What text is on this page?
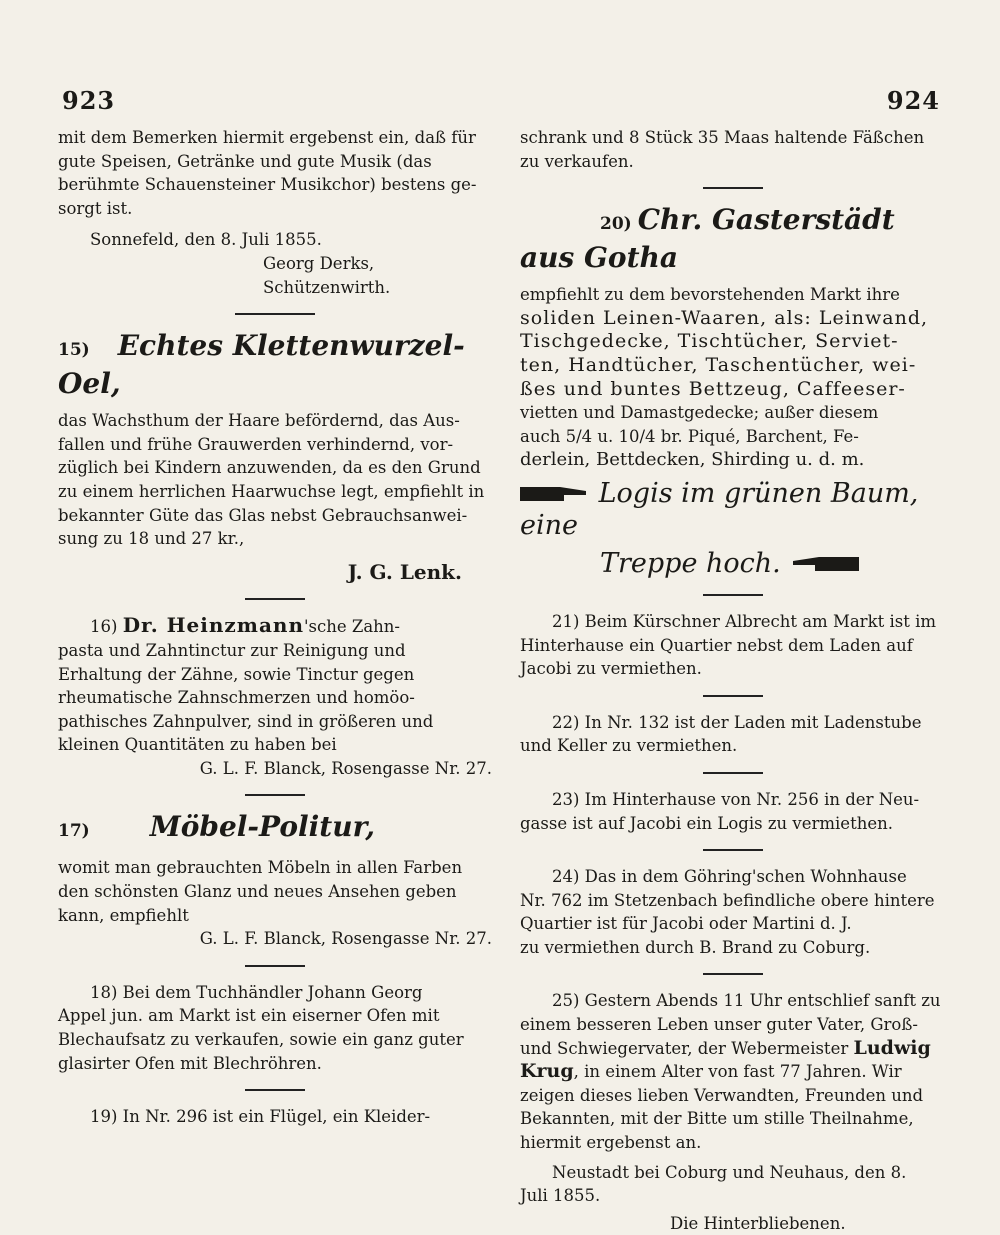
923	924

mit dem Bemerken hiermit ergebenst ein, daß für

gute Speisen, Getränke und gute Musik (das

berühmte Schauensteiner Musikchor) bestens ge-

sorgt ist.

Sonnefeld, den 8. Juli 1855.

Georg Derks,

Schützenwirth.

15) Echtes Klettenwurzel-Oel,

das Wachsthum der Haare befördernd, das Aus-

fallen und frühe Grauwerden verhindernd, vor-

züglich bei Kindern anzuwenden, da es den Grund

zu einem herrlichen Haarwuchse legt, empfiehlt in

bekannter Güte das Glas nebst Gebrauchsanwei-

sung zu 18 und 27 kr.,

J. G. Lenk.

16) Dr. Heinzmann'sche Zahn-

pasta und Zahntinctur zur Reinigung und

Erhaltung der Zähne, sowie Tinctur gegen

rheumatische Zahnschmerzen und homöo-

pathisches Zahnpulver, sind in größeren und

kleinen Quantitäten zu haben bei

G. L. F. Blanck, Rosengasse Nr. 27.

17) Möbel-Politur,

womit man gebrauchten Möbeln in allen Farben

den schönsten Glanz und neues Ansehen geben

kann, empfiehlt

G. L. F. Blanck, Rosengasse Nr. 27.

18) Bei dem Tuchhändler Johann Georg

Appel jun. am Markt ist ein eiserner Ofen mit

Blechaufsatz zu verkaufen, sowie ein ganz guter

glasirter Ofen mit Blechröhren.

19) In Nr. 296 ist ein Flügel, ein Kleider-

schrank und 8 Stück 35 Maas haltende Fäßchen

zu verkaufen.

20) Chr. Gasterstädt aus Gotha

empfiehlt zu dem bevorstehenden Markt ihre

soliden Leinen-Waaren, als: Leinwand,

Tischgedecke, Tischtücher, Serviet-

ten, Handtücher, Taschentücher, wei-

ßes und buntes Bettzeug, Caffeeser-

vietten und Damastgedecke; außer diesem

auch 5/4 u. 10/4 br. Piqué, Barchent, Fe-

derlein, Bettdecken, Shirding u. d. m.

Logis im grünen Baum, eine
Treppe hoch.

21) Beim Kürschner Albrecht am Markt ist im

Hinterhause ein Quartier nebst dem Laden auf

Jacobi zu vermiethen.

22) In Nr. 132 ist der Laden mit Ladenstube

und Keller zu vermiethen.

23) Im Hinterhause von Nr. 256 in der Neu-

gasse ist auf Jacobi ein Logis zu vermiethen.

24) Das in dem Göhring'schen Wohnhause

Nr. 762 im Stetzenbach befindliche obere hintere

Quartier ist für Jacobi oder Martini d. J.

zu vermiethen durch B. Brand zu Coburg.

25) Gestern Abends 11 Uhr entschlief sanft zu

einem besseren Leben unser guter Vater, Groß-

und Schwiegervater, der Webermeister Ludwig

Krug, in einem Alter von fast 77 Jahren. Wir

zeigen dieses lieben Verwandten, Freunden und

Bekannten, mit der Bitte um stille Theilnahme,

hiermit ergebenst an.

Neustadt bei Coburg und Neuhaus, den 8.

Juli 1855.

Die Hinterbliebenen.
